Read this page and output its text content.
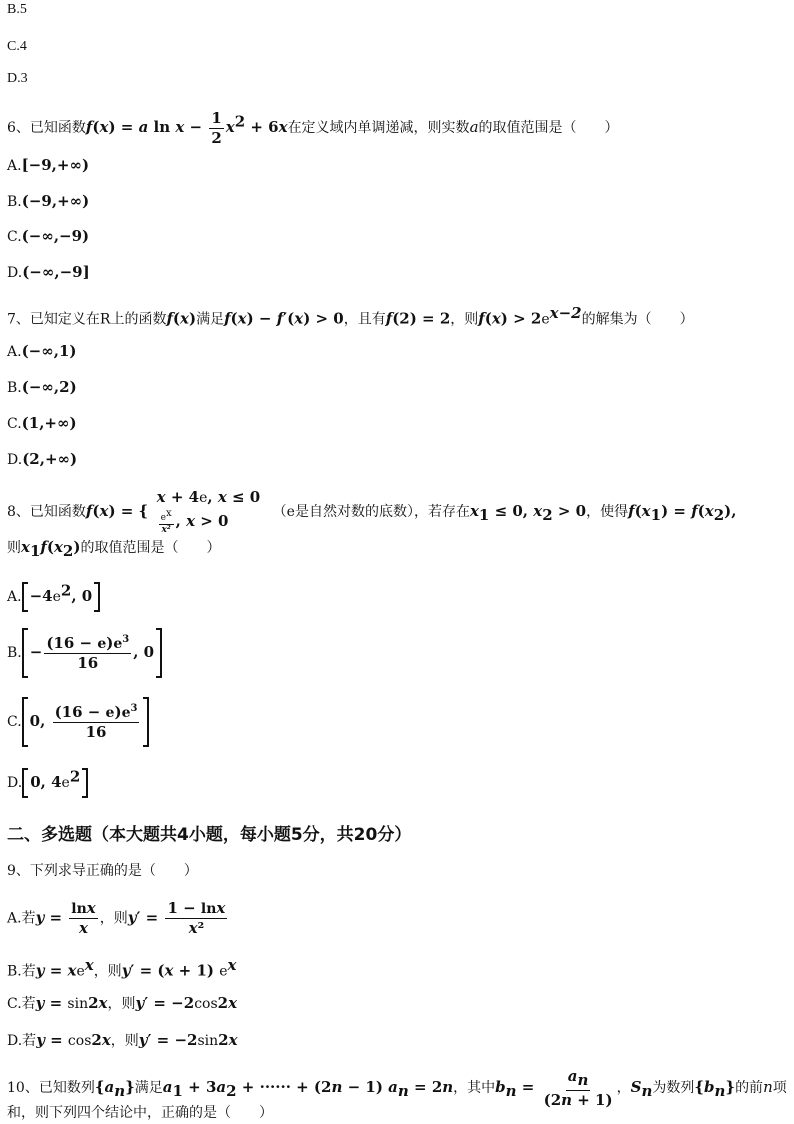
B.5
C.4
D.3
6、已知函数f(x) = a $\ln x - \frac{1}{2} x^2 + 6x$在定义域内单调递减，则实数a的取值范围是（　　）
A.[−9,+∞)
B.(−9,+∞)
C.(−∞,−9)
D.(−∞,−9]
7、已知定义在R上的函数f(x)满足f(x) − f′(x) > 0，且有f(2) = 2，则$f(x) > 2e^{x-2}$的解集为（　　）
A.(−∞,1)
B.(−∞,2)
C.(1,+∞)
D.(2,+∞)
8、已知函数f(x) = {
x + 4e, x ≤ 0
$\frac{e^x}{\text{x²}}$ , x > 0	（e是自然对数的底数），若存在$x_1 \le 0$, $x_2 > 0$，使得$f(x_1) = f(x_2)$,
则$x_1f(x_2)$的取值范围是（　　）
A. $-4e^2$, 0
B. − $\frac{(16 - e)e^3}{16}$ , 0
C. 0, $\frac{(16 - e)e^3}{16}$
D. 0, $4e^2$
二、多选题（本大题共4小题，每小题5分，共20分）
9、下列求导正确的是（　　）
A.若$y = \frac{\ln x}{x}$ ，则$y' = \frac{1 - \ln x}{\text{x²}}$
B.若$y = xe^x$，则y′ = (x + 1) $e^x$
C.若y = sin2x，则y′ = −2cos2x
D.若y = cos2x，则y′ = −2sin2x
10、已知数列$\{a_n\}$满足$a_1 + 3a_2$ + ······ + (2n − 1) $a_n = 2n$，其中$b_n = \frac{a_n}{(2n + 1)}$ ，$S_n$为数列$\{b_n\}$的前n项
和，则下列四个结论中，正确的是（　　）
